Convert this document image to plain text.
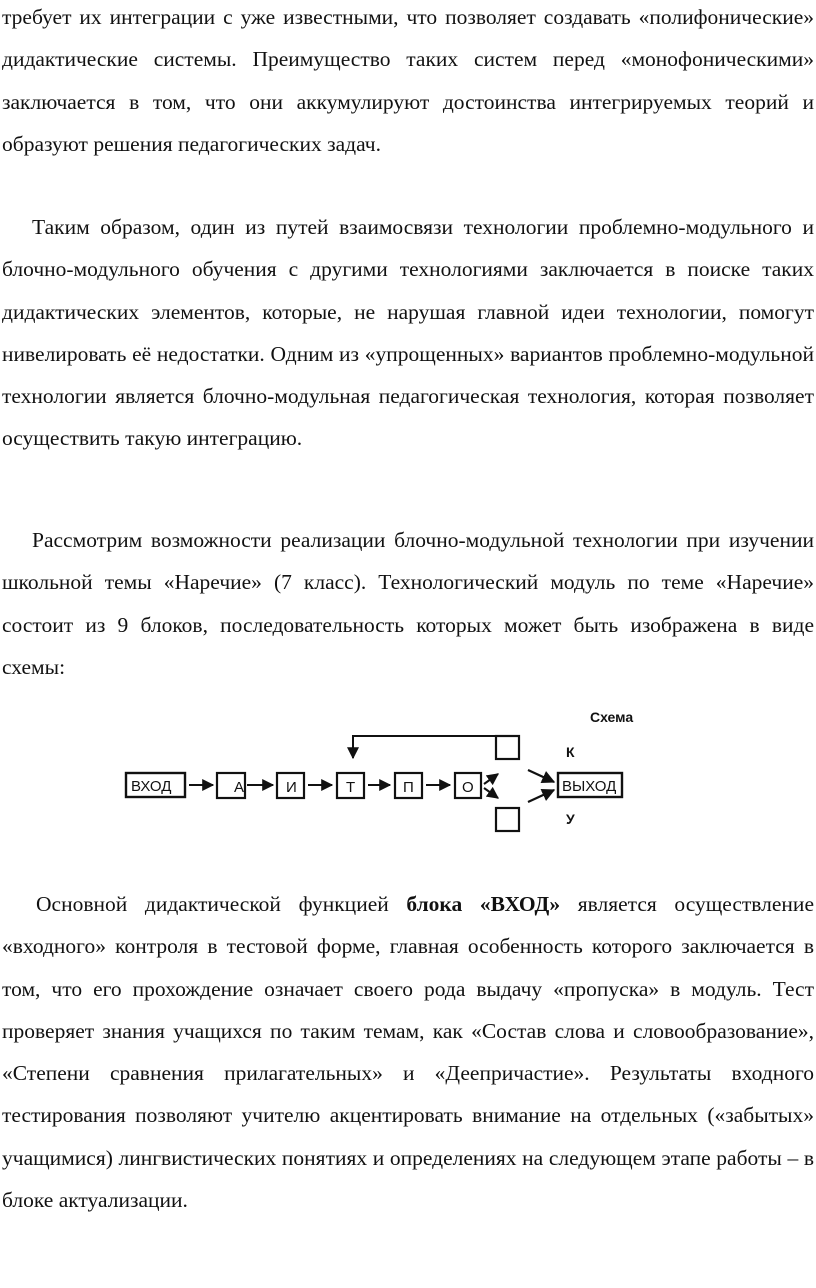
требует их интеграции с уже известными, что позволяет создавать «полифонические» дидактические системы. Преимущество таких систем перед «монофоническими» заключается в том, что они аккумулируют достоинства интегрируемых теорий и образуют решения педагогических задач.

Таким образом, один из путей взаимосвязи технологии проблемно-модульного и блочно-модульного обучения с другими технологиями заключается в поиске таких дидактических элементов, которые, не нарушая главной идеи технологии, помогут нивелировать её недостатки. Одним из «упрощенных» вариантов проблемно-модульной технологии является блочно-модульная педагогическая технология, которая позволяет осуществить такую интеграцию.

Рассмотрим возможности реализации блочно-модульной технологии при изучении школьной темы «Наречие» (7 класс). Технологический модуль по теме «Наречие» состоит из 9 блоков, последовательность которых может быть изображена в виде схемы:

Схема
ВХОД	А	И	Т	П	О
К
У
ВЫХОД

Основной дидактической функцией блока «ВХОД» является осуществление «входного» контроля в тестовой форме, главная особенность которого заключается в том, что его прохождение означает своего рода выдачу «пропуска» в модуль. Тест проверяет знания учащихся по таким темам, как «Состав слова и словообразование», «Степени сравнения прилагательных» и «Деепричастие». Результаты входного тестирования позволяют учителю акцентировать внимание на отдельных («забытых» учащимися) лингвистических понятиях и определениях на следующем этапе работы – в блоке актуализации.
